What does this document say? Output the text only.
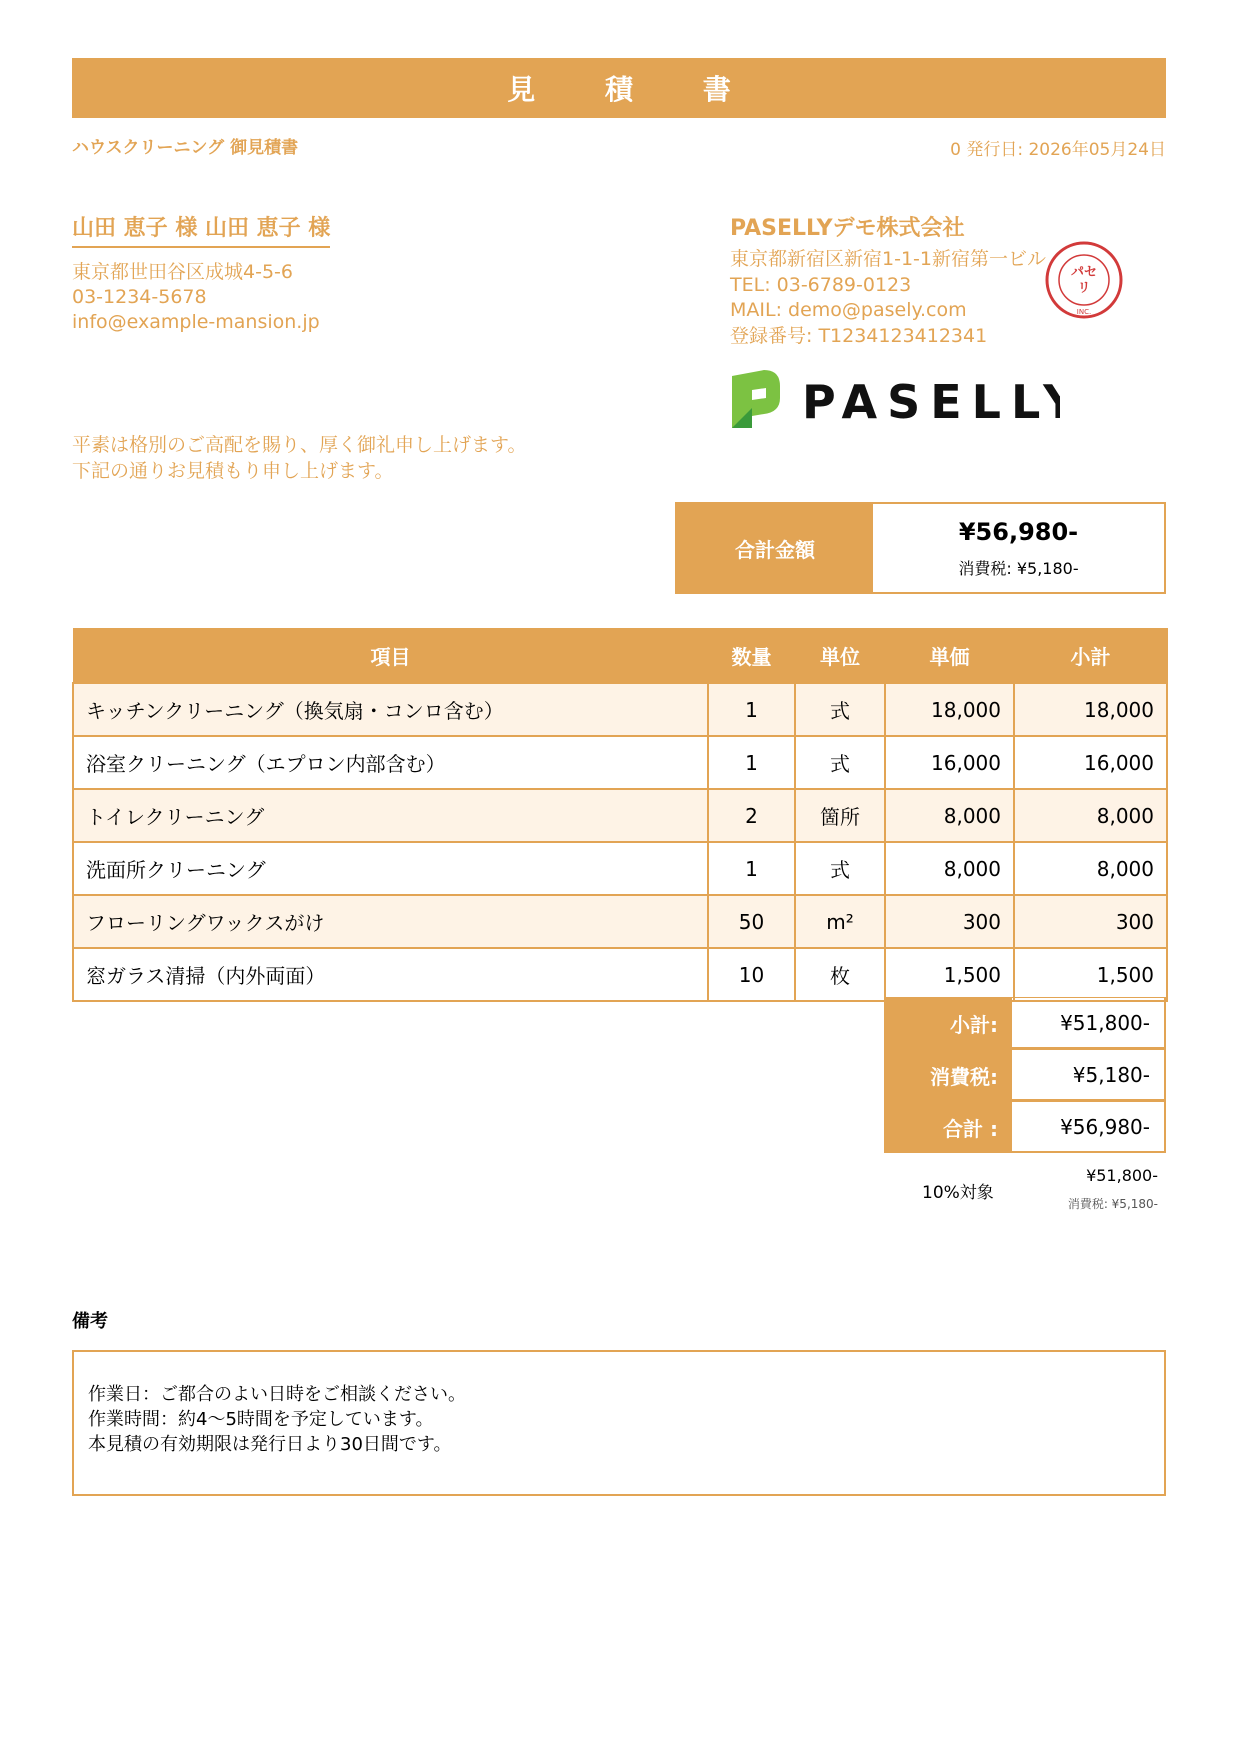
見 積 書
ハウスクリーニング 御見積書	0 発行日: 2026年05月24日
山田 恵子 様 山田 恵子 様
東京都世田谷区成城4-5-6
03-1234-5678
info@example-mansion.jp
PASELLYデモ株式会社
東京都新宿区新宿1-1-1新宿第一ビル
TEL: 03-6789-0123
MAIL: demo@pasely.com
登録番号: T1234123412341
パセ
リ
INC.
PASELLY
平素は格別のご高配を賜り、厚く御礼申し上げます。
下記の通りお見積もり申し上げます。
合計金額
¥56,980-
消費税: ¥5,180-
項目	数量	単位	単価	小計
キッチンクリーニング（換気扇・コンロ含む）	1	式	18,000	18,000
浴室クリーニング（エプロン内部含む）	1	式	16,000	16,000
トイレクリーニング	2	箇所	8,000	8,000
洗面所クリーニング	1	式	8,000	8,000
フローリングワックスがけ	50	m²	300	300
窓ガラス清掃（内外両面）	10	枚	1,500	1,500
小計:	¥51,800-
消費税:	¥5,180-
合計 :	¥56,980-
10%対象
¥51,800-
消費税: ¥5,180-
備考
作業日：ご都合のよい日時をご相談ください。
作業時間：約4〜5時間を予定しています。
本見積の有効期限は発行日より30日間です。
